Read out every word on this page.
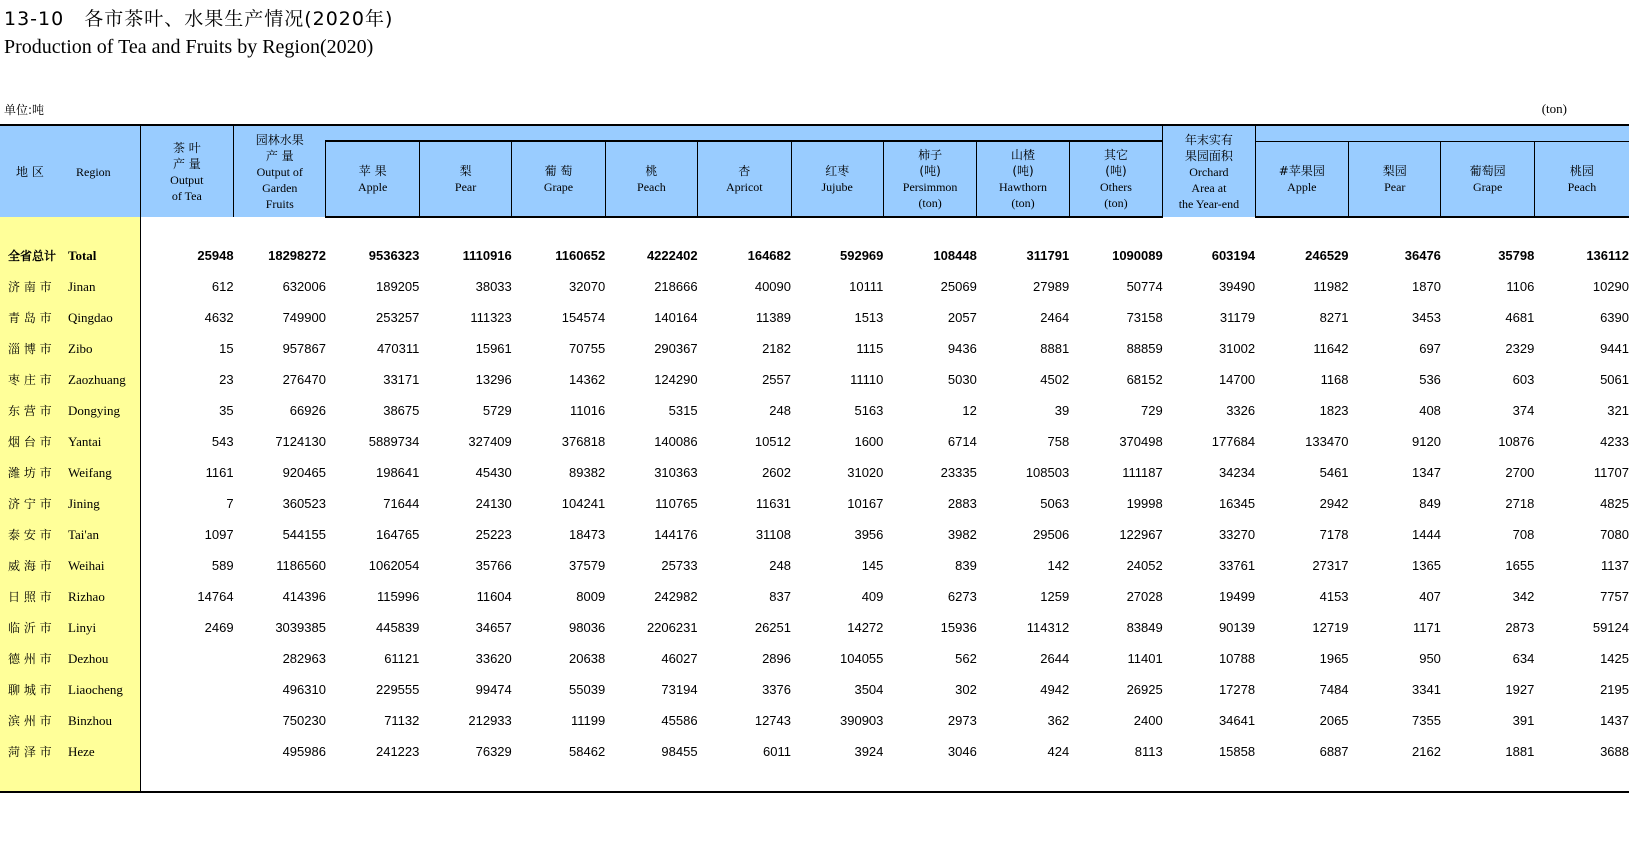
13-10　各市茶叶、水果生产情况(2020年)
Production of Tea and Fruits by Region(2020)
单位:吨	(ton)
地 区 Region	茶 叶
产 量
Output
of Tea	园林水果
产 量
Output of
Garden
Fruits										年末实有
果园面积
Orchard
Area at
the Year-end				

			苹 果
Apple	梨
Pear	葡 萄
Grape	桃
Peach	杏
Apricot	红枣
Jujube	柿子
(吨)
Persimmon
(ton)	山楂
(吨)
Hawthorn
(ton)	其它
(吨)
Others
(ton)		#苹果园
Apple	梨园
Pear	葡萄园
Grape	桃园
Peach

全省总计 Total	25948	18298272	9536323	1110916	1160652	4222402	164682	592969	108448	311791	1090089	603194	246529	36476	35798	136112
济 南 市 Jinan	612	632006	189205	38033	32070	218666	40090	10111	25069	27989	50774	39490	11982	1870	1106	10290
青 岛 市 Qingdao	4632	749900	253257	111323	154574	140164	11389	1513	2057	2464	73158	31179	8271	3453	4681	6390
淄 博 市 Zibo	15	957867	470311	15961	70755	290367	2182	1115	9436	8881	88859	31002	11642	697	2329	9441
枣 庄 市 Zaozhuang	23	276470	33171	13296	14362	124290	2557	11110	5030	4502	68152	14700	1168	536	603	5061
东 营 市 Dongying	35	66926	38675	5729	11016	5315	248	5163	12	39	729	3326	1823	408	374	321
烟 台 市 Yantai	543	7124130	5889734	327409	376818	140086	10512	1600	6714	758	370498	177684	133470	9120	10876	4233
潍 坊 市 Weifang	1161	920465	198641	45430	89382	310363	2602	31020	23335	108503	111187	34234	5461	1347	2700	11707
济 宁 市 Jining	7	360523	71644	24130	104241	110765	11631	10167	2883	5063	19998	16345	2942	849	2718	4825
泰 安 市 Tai'an	1097	544155	164765	25223	18473	144176	31108	3956	3982	29506	122967	33270	7178	1444	708	7080
威 海 市 Weihai	589	1186560	1062054	35766	37579	25733	248	145	839	142	24052	33761	27317	1365	1655	1137
日 照 市 Rizhao	14764	414396	115996	11604	8009	242982	837	409	6273	1259	27028	19499	4153	407	342	7757
临 沂 市 Linyi	2469	3039385	445839	34657	98036	2206231	26251	14272	15936	114312	83849	90139	12719	1171	2873	59124
德 州 市 Dezhou		282963	61121	33620	20638	46027	2896	104055	562	2644	11401	10788	1965	950	634	1425
聊 城 市 Liaocheng		496310	229555	99474	55039	73194	3376	3504	302	4942	26925	17278	7484	3341	1927	2195
滨 州 市 Binzhou		750230	71132	212933	11199	45586	12743	390903	2973	362	2400	34641	2065	7355	391	1437
菏 泽 市 Heze		495986	241223	76329	58462	98455	6011	3924	3046	424	8113	15858	6887	2162	1881	3688
